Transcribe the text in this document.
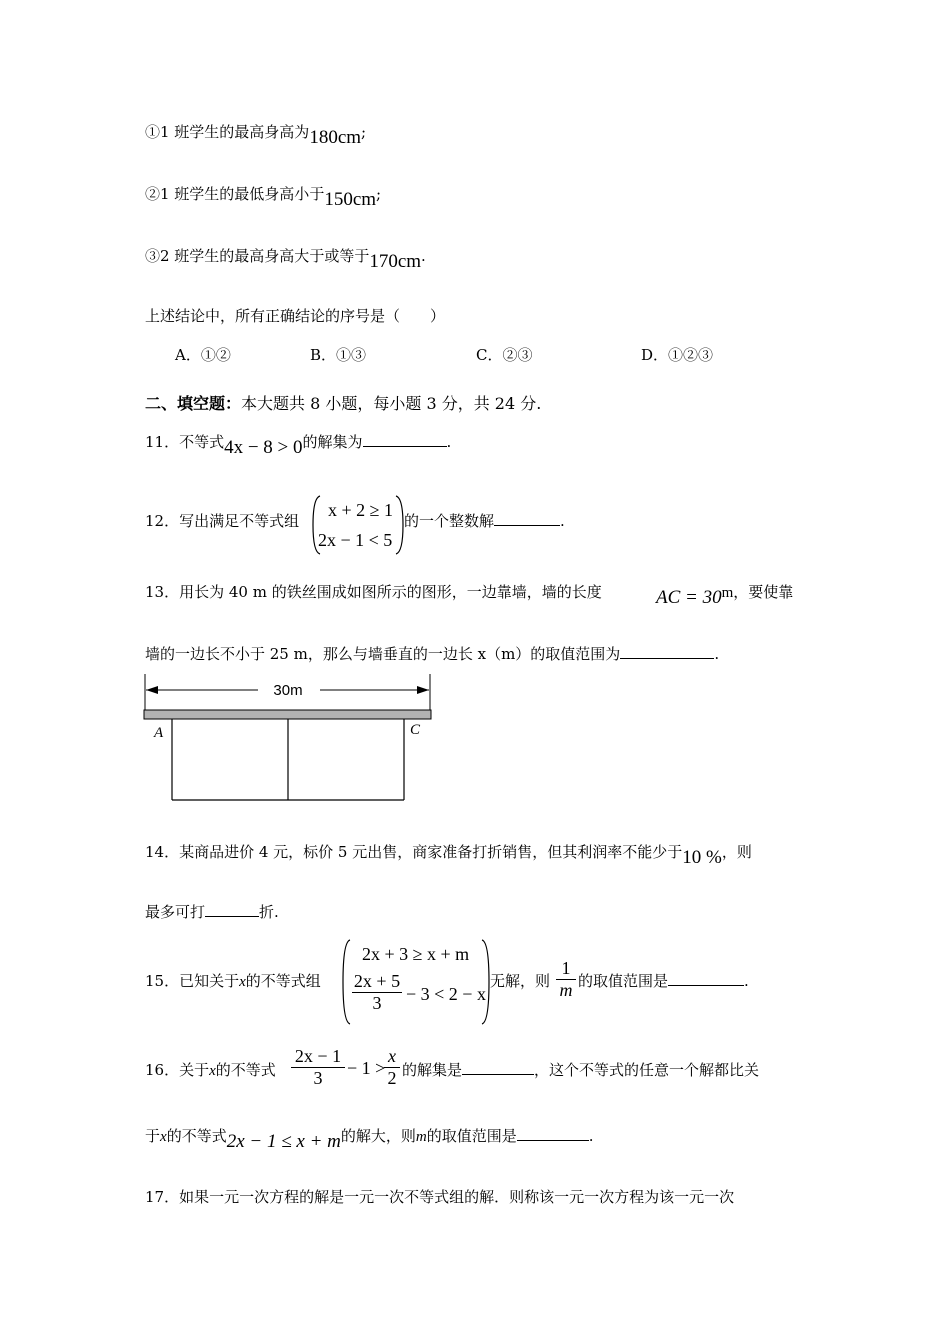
①1 班学生的最高身高为180cm;
②1 班学生的最低身高小于150cm;
③2 班学生的最高身高大于或等于170cm.
上述结论中，所有正确结论的序号是（　　）
A．①②	B．①③	C．②③	D．①②③
二、填空题：本大题共 8 小题，每小题 3 分，共 24 分.
11．不等式4x − 8 > 0的解集为	.
12．写出满足不等式组
x + 2 ≥ 1
2x − 1 < 5
的一个整数解	.
13．用长为 40 m 的铁丝围成如图所示的图形，一边靠墙，墙的长度	AC = 30m，要使靠
墙的一边长不小于 25 m，那么与墙垂直的一边长 x（m）的取值范围为	.
30m
A	C
14．某商品进价 4 元，标价 5 元出售，商家准备打折销售，但其利润率不能少于10 %，则
最多可打	折.
15．已知关于x的不等式组
2x + 3 ≥ x + m
2x + 5
3	− 3 < 2 − x
无解，则
1
m 的取值范围是	.
16．关于x的不等式
2x − 1
3	− 1 >
x
2 的解集是	，这个不等式的任意一个解都比关
于x的不等式2x − 1 ≤ x + m的解大，则m的取值范围是	.
17．如果一元一次方程的解是一元一次不等式组的解．则称该一元一次方程为该一元一次
